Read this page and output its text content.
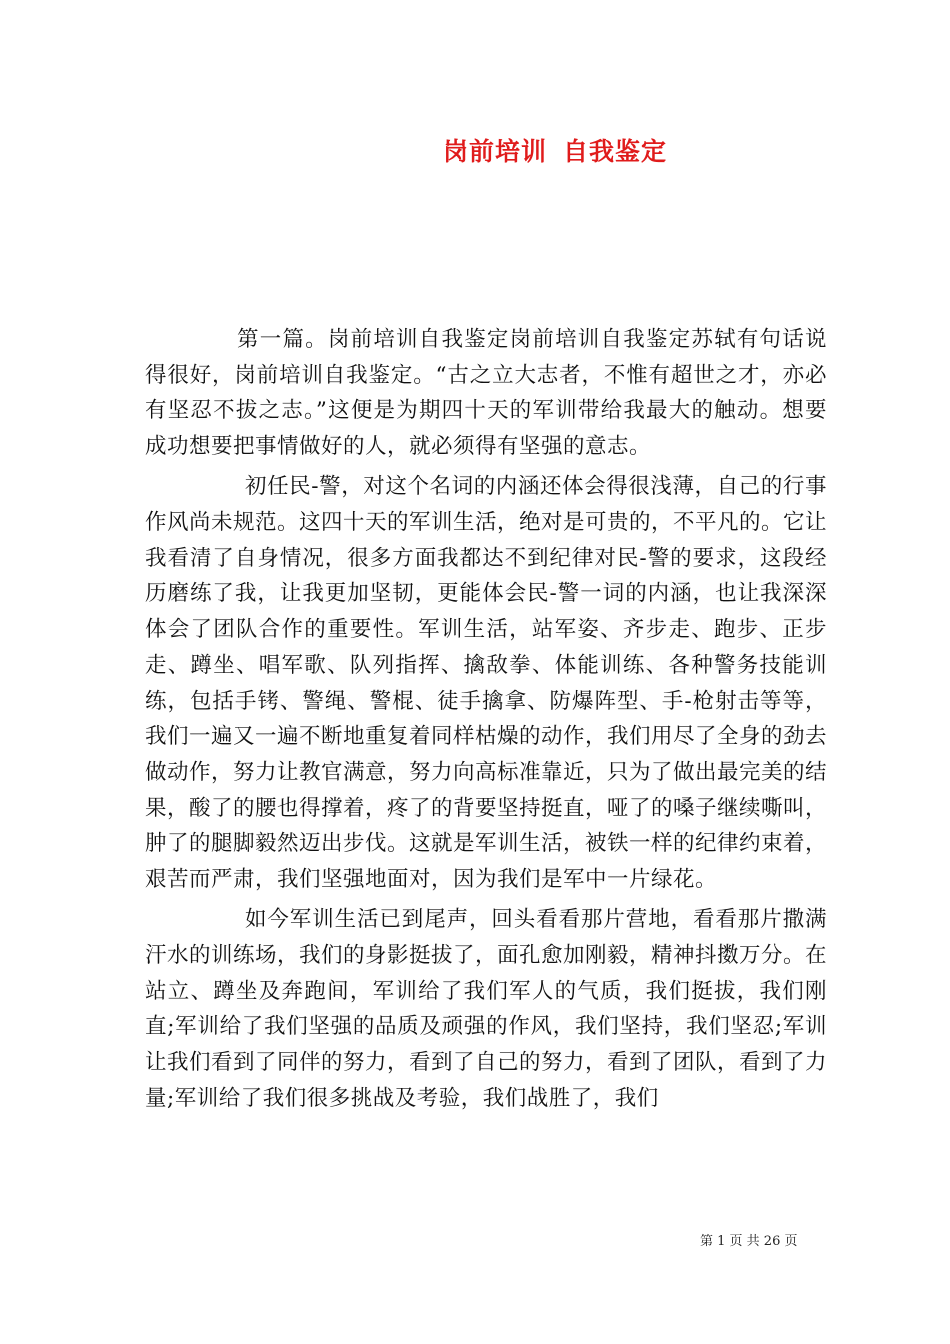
岗前培训 自我鉴定

第一篇。岗前培训自我鉴定岗前培训自我鉴定苏轼有句话说得很好，岗前培训自我鉴定。“古之立大志者，不惟有超世之才，亦必有坚忍不拔之志。”这便是为期四十天的军训带给我最大的触动。想要成功想要把事情做好的人，就必须得有坚强的意志。

初任民-警，对这个名词的内涵还体会得很浅薄，自己的行事作风尚未规范。这四十天的军训生活，绝对是可贵的，不平凡的。它让我看清了自身情况，很多方面我都达不到纪律对民-警的要求，这段经历磨练了我，让我更加坚韧，更能体会民-警一词的内涵，也让我深深体会了团队合作的重要性。军训生活，站军姿、齐步走、跑步、正步走、蹲坐、唱军歌、队列指挥、擒敌拳、体能训练、各种警务技能训练，包括手铐、警绳、警棍、徒手擒拿、防爆阵型、手-枪射击等等，我们一遍又一遍不断地重复着同样枯燥的动作，我们用尽了全身的劲去做动作，努力让教官满意，努力向高标准靠近，只为了做出最完美的结果，酸了的腰也得撑着，疼了的背要坚持挺直，哑了的嗓子继续嘶叫，肿了的腿脚毅然迈出步伐。这就是军训生活，被铁一样的纪律约束着，艰苦而严肃，我们坚强地面对，因为我们是军中一片绿花。

如今军训生活已到尾声，回头看看那片营地，看看那片撒满汗水的训练场，我们的身影挺拔了，面孔愈加刚毅，精神抖擞万分。在站立、蹲坐及奔跑间，军训给了我们军人的气质，我们挺拔，我们刚直;军训给了我们坚强的品质及顽强的作风，我们坚持，我们坚忍;军训让我们看到了同伴的努力，看到了自己的努力，看到了团队，看到了力量;军训给了我们很多挑战及考验，我们战胜了，我们

第 1 页 共 26 页
